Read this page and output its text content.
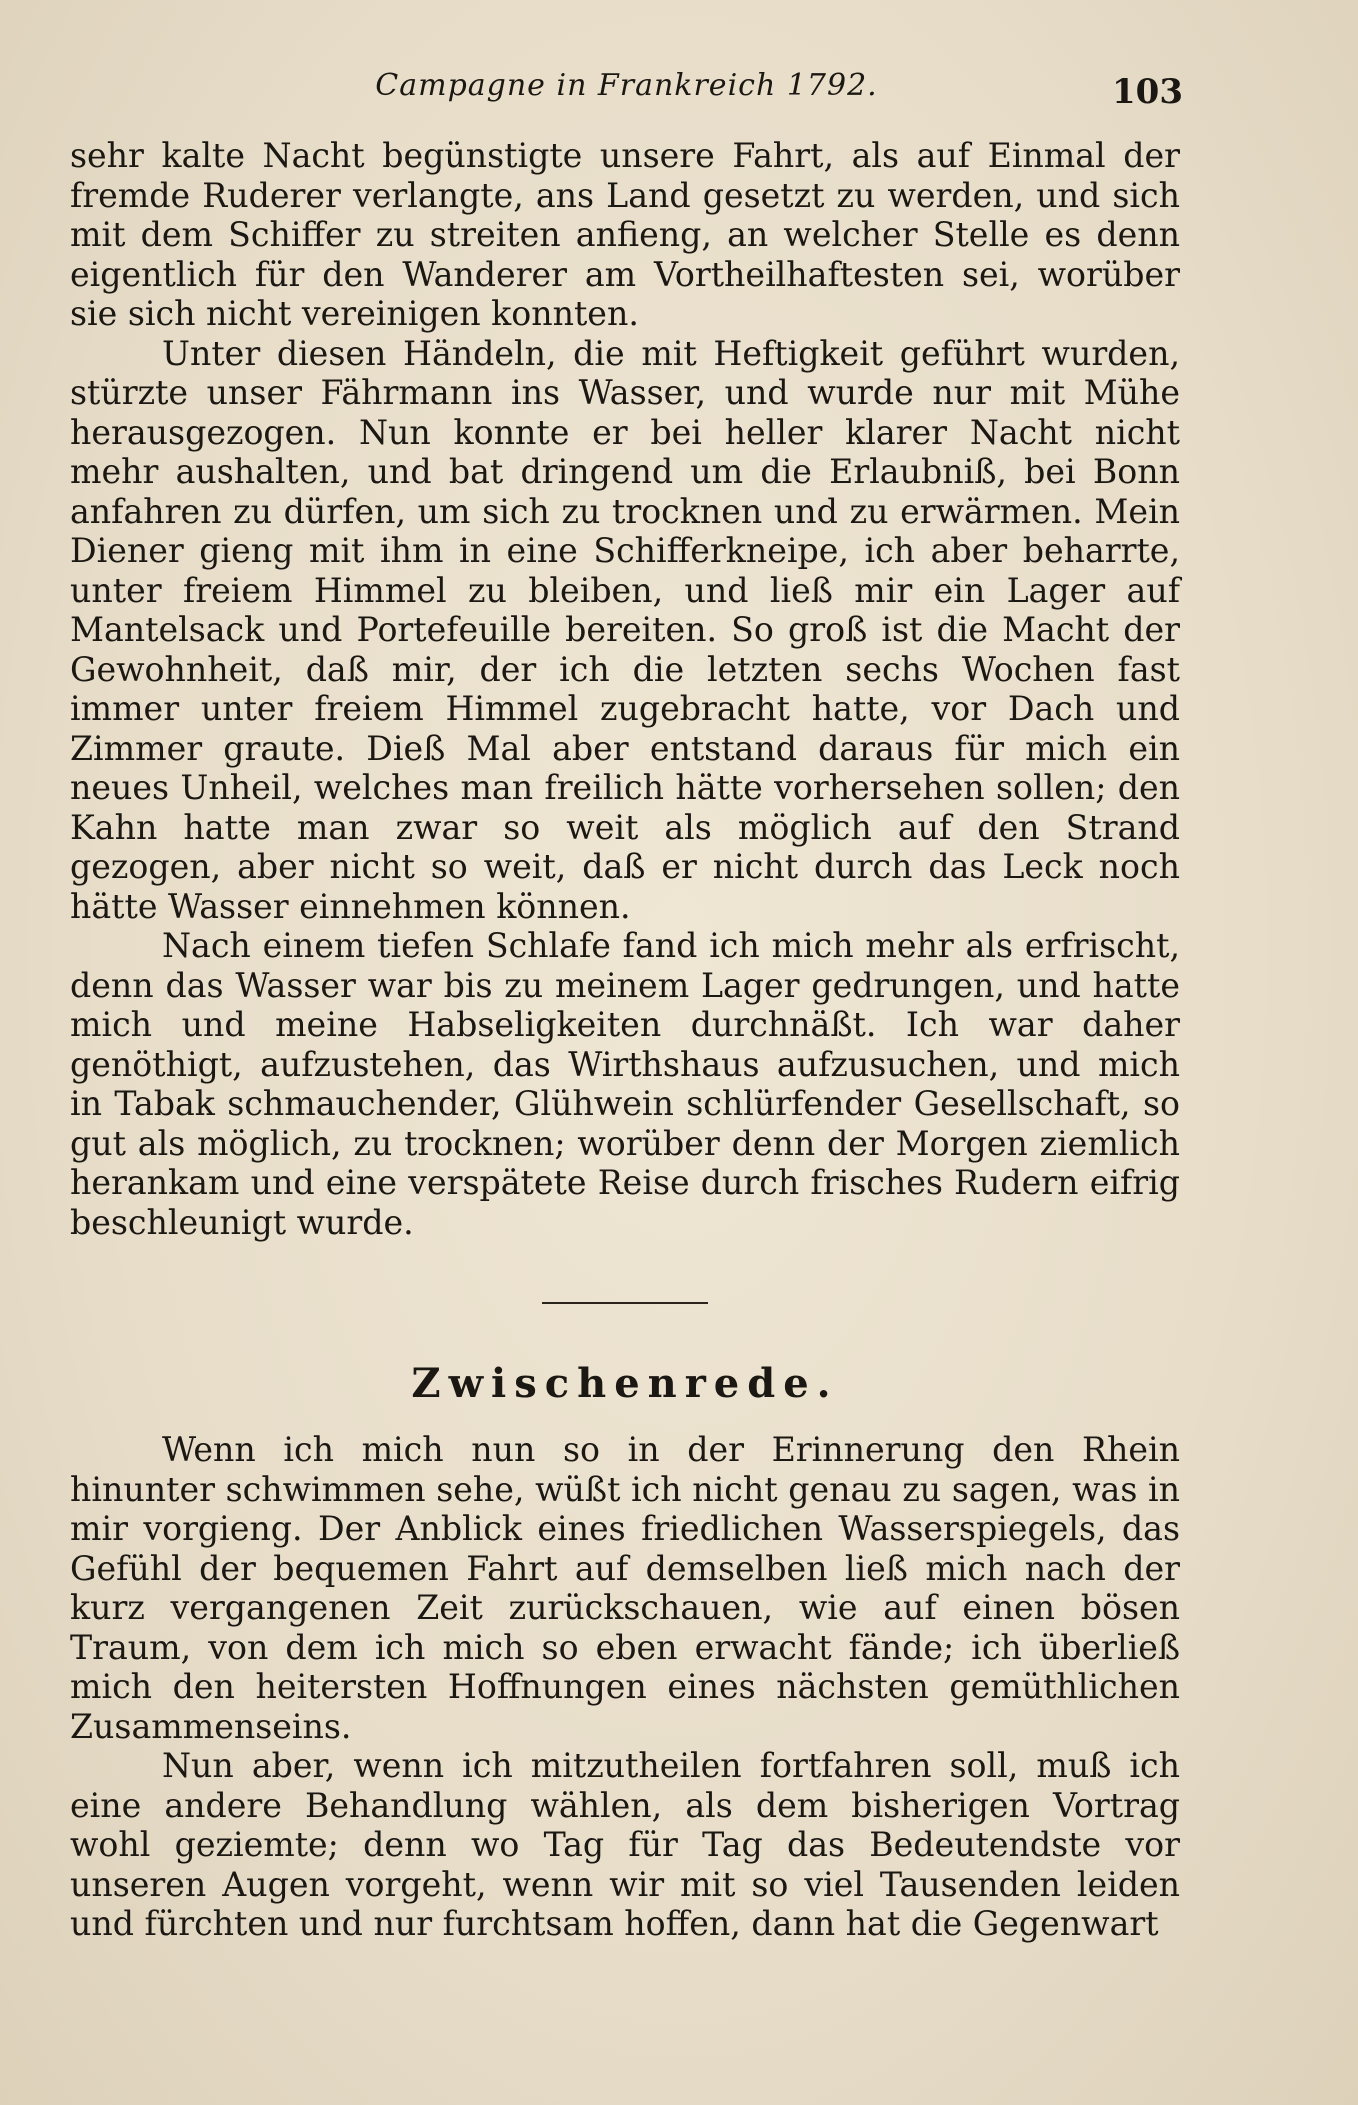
Campagne in Frankreich 1792.	103

sehr kalte Nacht begünstigte unsere Fahrt, als auf Einmal der fremde Ruderer verlangte, ans Land gesetzt zu werden, und sich mit dem Schiffer zu streiten anfieng, an welcher Stelle es denn eigentlich für den Wanderer am Vortheilhaftesten sei, worüber sie sich nicht vereinigen konnten.

Unter diesen Händeln, die mit Heftigkeit geführt wurden, stürzte unser Fährmann ins Wasser, und wurde nur mit Mühe herausgezogen. Nun konnte er bei heller klarer Nacht nicht mehr aushalten, und bat dringend um die Erlaubniß, bei Bonn anfahren zu dürfen, um sich zu trocknen und zu erwärmen. Mein Diener gieng mit ihm in eine Schifferkneipe, ich aber beharrte, unter freiem Himmel zu bleiben, und ließ mir ein Lager auf Mantelsack und Portefeuille bereiten. So groß ist die Macht der Gewohnheit, daß mir, der ich die letzten sechs Wochen fast immer unter freiem Himmel zugebracht hatte, vor Dach und Zimmer graute. Dieß Mal aber entstand daraus für mich ein neues Unheil, welches man freilich hätte vorhersehen sollen; den Kahn hatte man zwar so weit als möglich auf den Strand gezogen, aber nicht so weit, daß er nicht durch das Leck noch hätte Wasser einnehmen können.

Nach einem tiefen Schlafe fand ich mich mehr als erfrischt, denn das Wasser war bis zu meinem Lager gedrungen, und hatte mich und meine Habseligkeiten durchnäßt. Ich war daher genöthigt, aufzustehen, das Wirthshaus aufzusuchen, und mich in Tabak schmauchender, Glühwein schlürfender Gesellschaft, so gut als möglich, zu trocknen; worüber denn der Morgen ziemlich herankam und eine verspätete Reise durch frisches Rudern eifrig beschleunigt wurde.

Zwischenrede.

Wenn ich mich nun so in der Erinnerung den Rhein hinunter schwimmen sehe, wüßt ich nicht genau zu sagen, was in mir vorgieng. Der Anblick eines friedlichen Wasserspiegels, das Gefühl der bequemen Fahrt auf demselben ließ mich nach der kurz vergangenen Zeit zurückschauen, wie auf einen bösen Traum, von dem ich mich so eben erwacht fände; ich überließ mich den heitersten Hoffnungen eines nächsten gemüthlichen Zusammenseins.

Nun aber, wenn ich mitzutheilen fortfahren soll, muß ich eine andere Behandlung wählen, als dem bisherigen Vortrag wohl geziemte; denn wo Tag für Tag das Bedeutendste vor unseren Augen vorgeht, wenn wir mit so viel Tausenden leiden und fürchten und nur furchtsam hoffen, dann hat die Gegenwart
